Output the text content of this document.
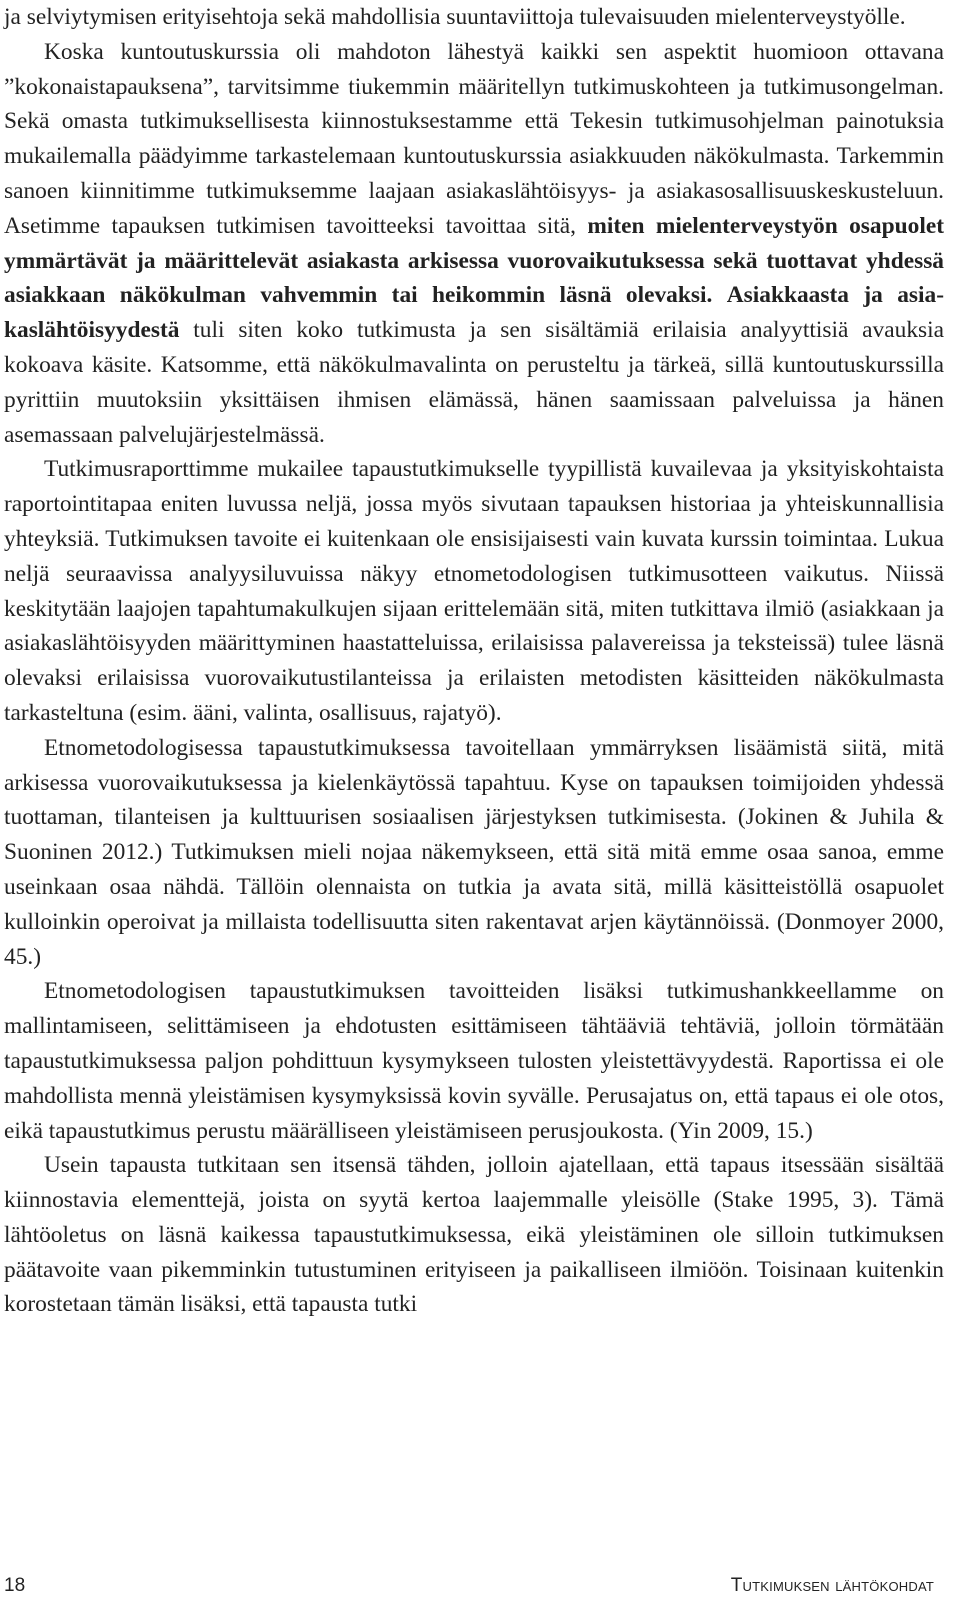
ja selviytymisen erityisehtoja sekä mahdollisia suuntaviittoja tulevaisuuden mielenterveystyölle.

Koska kuntoutuskurssia oli mahdoton lähestyä kaikki sen aspektit huomioon ottavana ”kokonaistapauksena”, tarvitsimme tiukemmin määritellyn tutkimuskohteen ja tutkimusongelman. Sekä omasta tutkimuksellisesta kiinnostuksestamme että Tekesin tutkimusohjelman painotuksia mukailemalla päädyimme tarkastelemaan kuntoutuskurssia asiakkuuden näkökulmasta. Tarkemmin sanoen kiinnitimme tutkimuksemme laajaan asiakaslähtöisyys- ja asiakasosallisuuskeskusteluun. Asetimme tapauksen tutkimisen tavoitteeksi tavoittaa sitä, miten mielenterveystyön osapuolet ymmärtävät ja määrittelevät asiakasta arkisessa vuorovaikutuksessa sekä tuottavat yhdessä asiakkaan näkökulman vahvemmin tai heikommin läsnä olevaksi. Asiakkaasta ja asiakaslähtöisyydestä tuli siten koko tutkimusta ja sen sisältämiä erilaisia analyyttisiä avauksia kokoava käsite. Katsomme, että näkökulmavalinta on perusteltu ja tärkeä, sillä kuntoutuskurssilla pyrittiin muutoksiin yksittäisen ihmisen elämässä, hänen saamissaan palveluissa ja hänen asemassaan palvelujärjestelmässä.

Tutkimusraporttimme mukailee tapaustutkimukselle tyypillistä kuvailevaa ja yksityiskohtaista raportointitapaa eniten luvussa neljä, jossa myös sivutaan tapauksen historiaa ja yhteiskunnallisia yhteyksiä. Tutkimuksen tavoite ei kuitenkaan ole ensisijaisesti vain kuvata kurssin toimintaa. Lukua neljä seuraavissa analyysiluvuissa näkyy etnometodologisen tutkimusotteen vaikutus. Niissä keskitytään laajojen tapahtumakulkujen sijaan erittelemään sitä, miten tutkittava ilmiö (asiakkaan ja asiakaslähtöisyyden määrittyminen haastatteluissa, erilaisissa palavereissa ja teksteissä) tulee läsnä olevaksi erilaisissa vuorovaikutustilanteissa ja erilaisten metodisten käsitteiden näkökulmasta tarkasteltuna (esim. ääni, valinta, osallisuus, rajatyö).

Etnometodologisessa tapaustutkimuksessa tavoitellaan ymmärryksen lisäämistä siitä, mitä arkisessa vuorovaikutuksessa ja kielenkäytössä tapahtuu. Kyse on tapauksen toimijoiden yhdessä tuottaman, tilanteisen ja kulttuurisen sosiaalisen järjestyksen tutkimisesta. (Jokinen & Juhila & Suoninen 2012.) Tutkimuksen mieli nojaa näkemykseen, että sitä mitä emme osaa sanoa, emme useinkaan osaa nähdä. Tällöin olennaista on tutkia ja avata sitä, millä käsitteistöllä osapuolet kulloinkin operoivat ja millaista todellisuutta siten rakentavat arjen käytännöissä. (Donmoyer 2000, 45.)

Etnometodologisen tapaustutkimuksen tavoitteiden lisäksi tutkimushankkeellamme on mallintamiseen, selittämiseen ja ehdotusten esittämiseen tähtääviä tehtäviä, jolloin törmätään tapaustutkimuksessa paljon pohdittuun kysymykseen tulosten yleistettävyydestä. Raportissa ei ole mahdollista mennä yleistämisen kysymyksissä kovin syvälle. Perusajatus on, että tapaus ei ole otos, eikä tapaustutkimus perustu määrälliseen yleistämiseen perusjoukosta. (Yin 2009, 15.)

Usein tapausta tutkitaan sen itsensä tähden, jolloin ajatellaan, että tapaus itsessään sisältää kiinnostavia elementtejä, joista on syytä kertoa laajemmalle yleisölle (Stake 1995, 3). Tämä lähtöoletus on läsnä kaikessa tapaustutkimuksessa, eikä yleistäminen ole silloin tutkimuksen päätavoite vaan pikemminkin tutustuminen erityiseen ja paikalliseen ilmiöön. Toisinaan kuitenkin korostetaan tämän lisäksi, että tapausta tutki

18	Tutkimuksen lähtökohdat
